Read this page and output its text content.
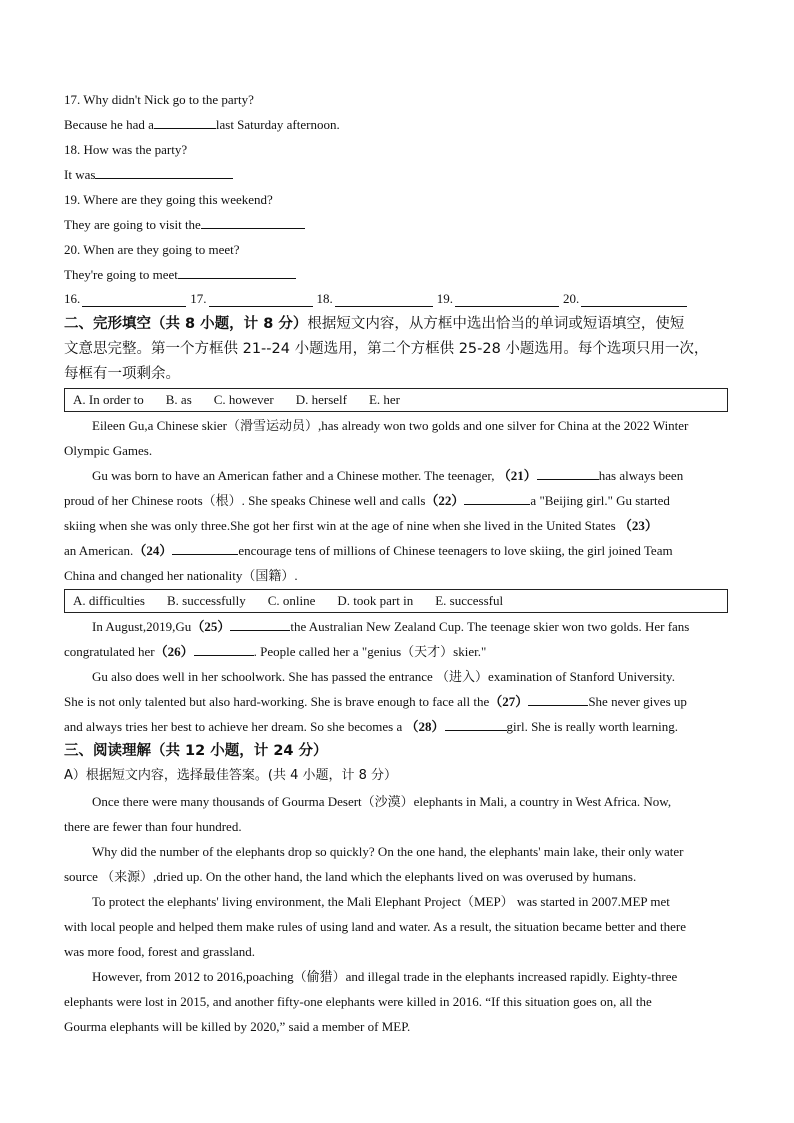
17. Why didn't Nick go to the party?
Because he had a	last Saturday afternoon.
18. How was the party?
It was
19. Where are they going this weekend?
They are going to visit the
20. When are they going to meet?
They're going to meet
16.	17.	18.	19.	20.
二、完形填空（共 8 小题，计 8 分）根据短文内容，从方框中选出恰当的单词或短语填空，使短
文意思完整。第一个方框供 21--24 小题选用，第二个方框供 25-28 小题选用。每个选项只用一次，
每框有一项剩余。
A. In order to B. as C. however D. herself E. her
Eileen Gu,a Chinese skier（滑雪运动员）,has already won two golds and one silver for China at the 2022 Winter
Olympic Games.
Gu was born to have an American father and a Chinese mother. The teenager, （21）	has always been
proud of her Chinese roots（根）. She speaks Chinese well and calls（22）	a "Beijing girl." Gu started
skiing when she was only three.She got her first win at the age of nine when she lived in the United States （23）
an American.（24）	encourage tens of millions of Chinese teenagers to love skiing, the girl joined Team
China and changed her nationality（国籍）.
A. difficulties B. successfully C. online D. took part in E. successful
In August,2019,Gu（25）	the Australian New Zealand Cup. The teenage skier won two golds. Her fans
congratulated her（26）	. People called her a "genius（天才）skier."
Gu also does well in her schoolwork. She has passed the entrance （进入）examination of Stanford University.
She is not only talented but also hard-working. She is brave enough to face all the（27）	She never gives up
and always tries her best to achieve her dream. So she becomes a （28）	girl. She is really worth learning.
三、阅读理解（共 12 小题，计 24 分）
A）根据短文内容，选择最佳答案。(共 4 小题，计 8 分）
Once there were many thousands of Gourma Desert（沙漠）elephants in Mali, a country in West Africa. Now,
there are fewer than four hundred.
Why did the number of the elephants drop so quickly? On the one hand, the elephants' main lake, their only water
source （来源）,dried up. On the other hand, the land which the elephants lived on was overused by humans.
To protect the elephants' living environment, the Mali Elephant Project（MEP） was started in 2007.MEP met
with local people and helped them make rules of using land and water. As a result, the situation became better and there
was more food, forest and grassland.
However, from 2012 to 2016,poaching（偷猎）and illegal trade in the elephants increased rapidly. Eighty-three
elephants were lost in 2015, and another fifty-one elephants were killed in 2016. “If this situation goes on, all the
Gourma elephants will be killed by 2020,” said a member of MEP.
